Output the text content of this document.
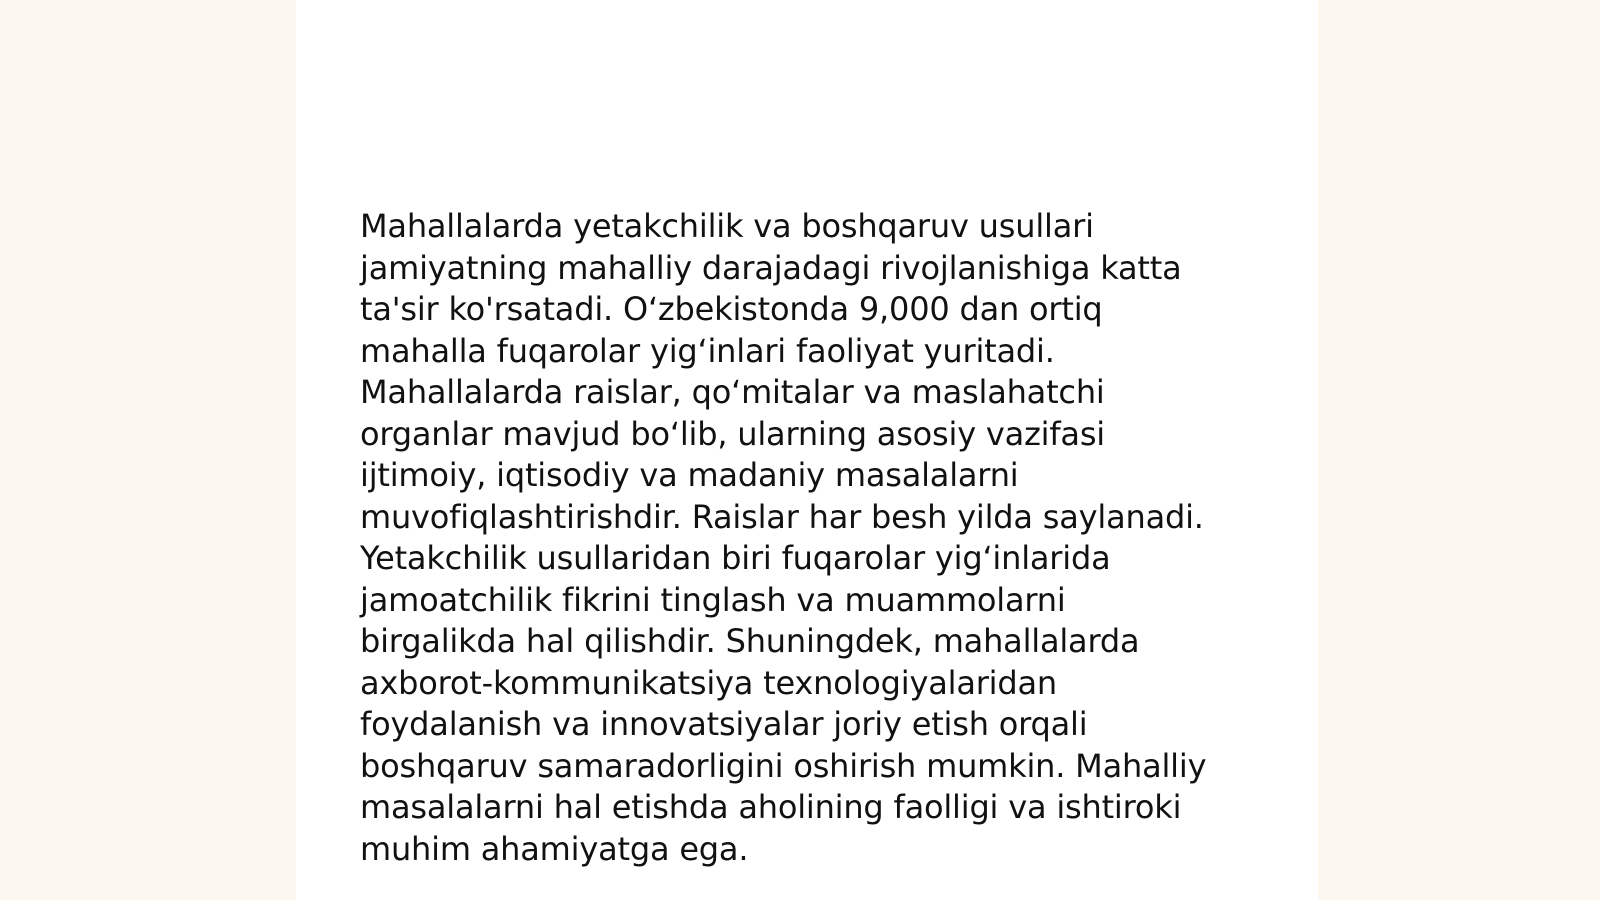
Mahallalarda yetakchilik va boshqaruv usullari
jamiyatning mahalliy darajadagi rivojlanishiga katta
ta'sir ko'rsatadi. O‘zbekistonda 9,000 dan ortiq
mahalla fuqarolar yig‘inlari faoliyat yuritadi.
Mahallalarda raislar, qo‘mitalar va maslahatchi
organlar mavjud bo‘lib, ularning asosiy vazifasi
ijtimoiy, iqtisodiy va madaniy masalalarni
muvofiqlashtirishdir. Raislar har besh yilda saylanadi.
Yetakchilik usullaridan biri fuqarolar yig‘inlarida
jamoatchilik fikrini tinglash va muammolarni
birgalikda hal qilishdir. Shuningdek, mahallalarda
axborot-kommunikatsiya texnologiyalaridan
foydalanish va innovatsiyalar joriy etish orqali
boshqaruv samaradorligini oshirish mumkin. Mahalliy
masalalarni hal etishda aholining faolligi va ishtiroki
muhim ahamiyatga ega.
